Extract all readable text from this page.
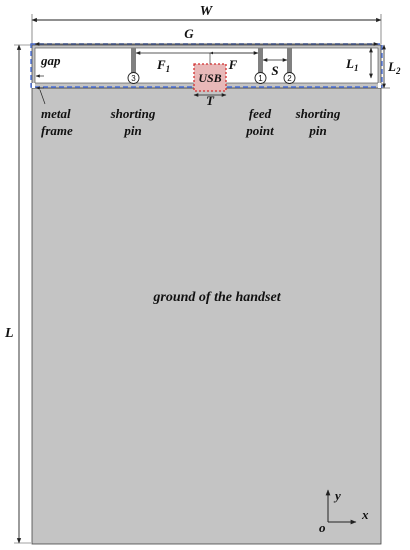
USB
3	1	2
W
L
G
$F_1$	F	S
T
$L_1$ $L_2$
gap
metal
frame
shorting
pin
feed
point
shorting
pin
ground of the handset
o
x
y
